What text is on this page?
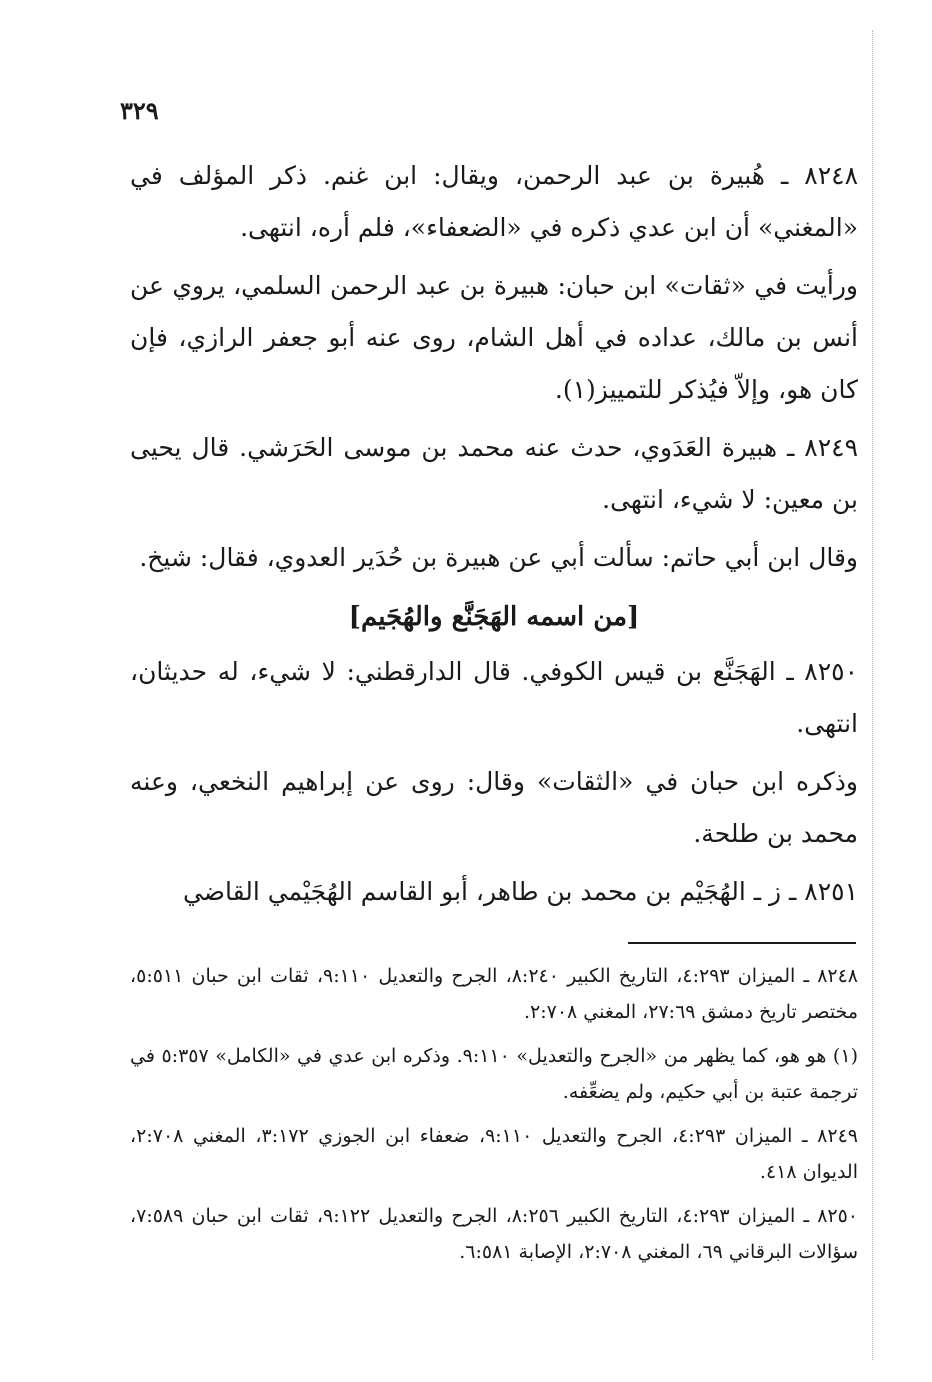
٣٢٩

٨٢٤٨ ـ هُبيرة بن عبد الرحمن، ويقال: ابن غنم. ذكر المؤلف في «المغني» أن ابن عدي ذكره في «الضعفاء»، فلم أره، انتهى.

ورأيت في «ثقات» ابن حبان: هبيرة بن عبد الرحمن السلمي، يروي عن أنس بن مالك، عداده في أهل الشام، روى عنه أبو جعفر الرازي، فإن كان هو، وإلاّ فيُذكر للتمييز(١).

٨٢٤٩ ـ هبيرة العَدَوي، حدث عنه محمد بن موسى الحَرَشي. قال يحيى بن معين: لا شيء، انتهى.

وقال ابن أبي حاتم: سألت أبي عن هبيرة بن حُدَير العدوي، فقال: شيخ.

[من اسمه الهَجَنَّع والهُجَيم]

٨٢٥٠ ـ الهَجَنَّع بن قيس الكوفي. قال الدارقطني: لا شيء، له حديثان، انتهى.

وذكره ابن حبان في «الثقات» وقال: روى عن إبراهيم النخعي، وعنه محمد بن طلحة.

٨٢٥١ ـ ز ـ الهُجَيْم بن محمد بن طاهر، أبو القاسم الهُجَيْمي القاضي

٨٢٤٨ ـ الميزان ٤:٢٩٣، التاريخ الكبير ٨:٢٤٠، الجرح والتعديل ٩:١١٠، ثقات ابن حبان ٥:٥١١، مختصر تاريخ دمشق ٢٧:٦٩، المغني ٢:٧٠٨.

(١) هو هو، كما يظهر من «الجرح والتعديل» ٩:١١٠. وذكره ابن عدي في «الكامل» ٥:٣٥٧ في ترجمة عتبة بن أبي حكيم، ولم يضعِّفه.

٨٢٤٩ ـ الميزان ٤:٢٩٣، الجرح والتعديل ٩:١١٠، ضعفاء ابن الجوزي ٣:١٧٢، المغني ٢:٧٠٨، الديوان ٤١٨.

٨٢٥٠ ـ الميزان ٤:٢٩٣، التاريخ الكبير ٨:٢٥٦، الجرح والتعديل ٩:١٢٢، ثقات ابن حبان ٧:٥٨٩، سؤالات البرقاني ٦٩، المغني ٢:٧٠٨، الإصابة ٦:٥٨١.
